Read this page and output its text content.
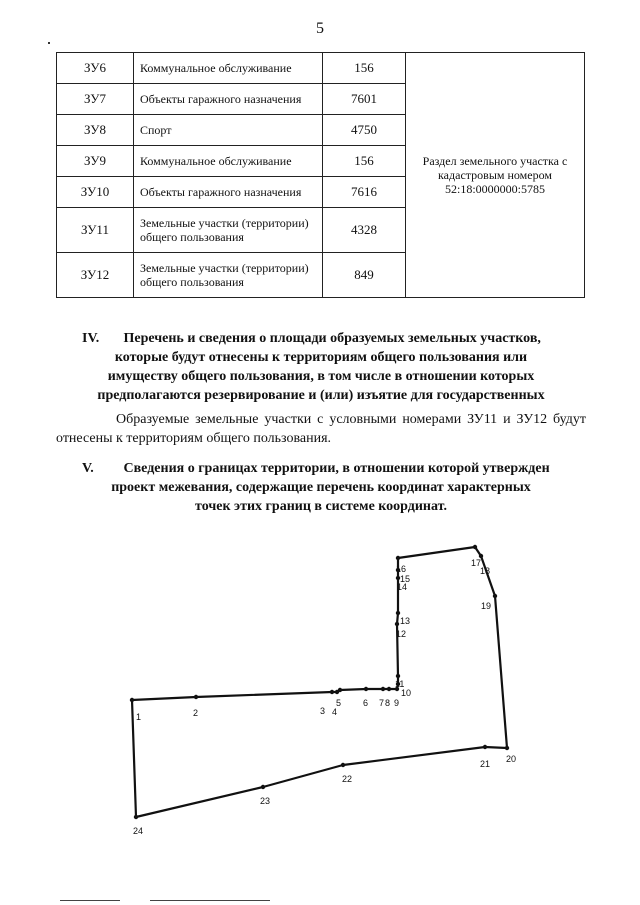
5
ЗУ6	Коммунальное обслуживание	156	Раздел земельного участка с кадастровым номером 52:18:0000000:5785
ЗУ7	Объекты гаражного назначения	7601	
ЗУ8	Спорт	4750	
ЗУ9	Коммунальное обслуживание	156	
ЗУ10	Объекты гаражного назначения	7616	
ЗУ11	Земельные участки (территории) общего пользования	4328	
ЗУ12	Земельные участки (территории) общего пользования	849	
IV. Перечень и сведения о площади образуемых земельных участков,
которые будут отнесены к территориям общего пользования или
имуществу общего пользования, в том числе в отношении которых
предполагаются резервирование и (или) изъятие для государственных
Образуемые земельные участки с условными номерами ЗУ11 и ЗУ12 будут отнесены к территориям общего пользования.
V. Сведения о границах территории, в отношении которой утвержден
проект межевания, содержащие перечень координат характерных
точек этих границ в системе координат.
1	2	3 4
5 6 7 8 9
10
11
12
13
14
15
16
17
18
19
20
21
22
23
24
